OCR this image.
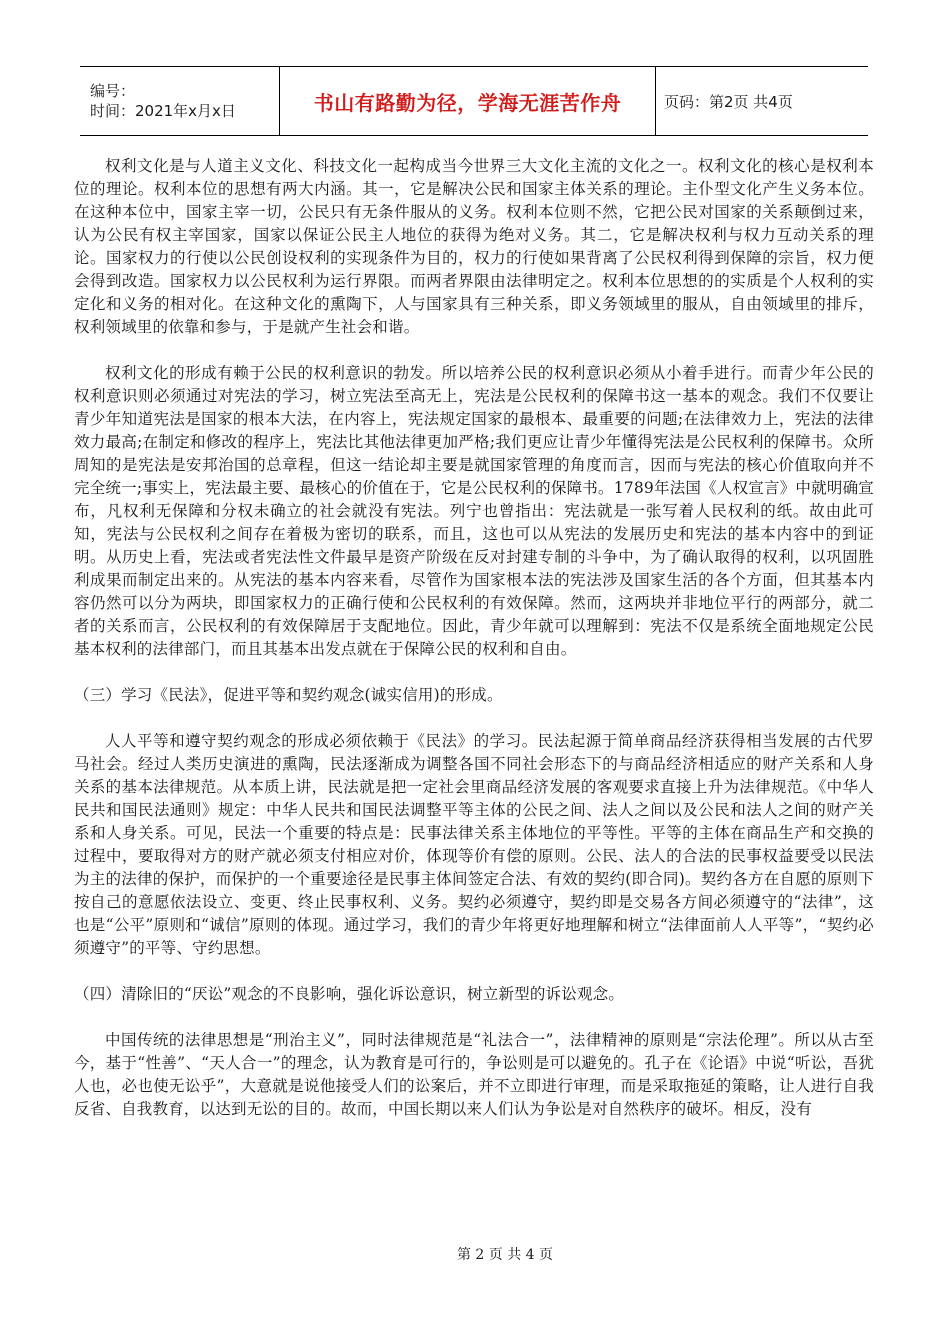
编号：
时间：2021年x月x日	书山有路勤为径，学海无涯苦作舟	页码：第2页 共4页

权利文化是与人道主义文化、科技文化一起构成当今世界三大文化主流的文化之一。权利文化的核心是权利本位的理论。权利本位的思想有两大内涵。其一，它是解决公民和国家主体关系的理论。主仆型文化产生义务本位。在这种本位中，国家主宰一切，公民只有无条件服从的义务。权利本位则不然，它把公民对国家的关系颠倒过来，认为公民有权主宰国家，国家以保证公民主人地位的获得为绝对义务。其二，它是解决权利与权力互动关系的理论。国家权力的行使以公民创设权利的实现条件为目的，权力的行使如果背离了公民权利得到保障的宗旨，权力便会得到改造。国家权力以公民权利为运行界限。而两者界限由法律明定之。权利本位思想的的实质是个人权利的实定化和义务的相对化。在这种文化的熏陶下，人与国家具有三种关系，即义务领域里的服从，自由领域里的排斥，权利领域里的依靠和参与，于是就产生社会和谐。

权利文化的形成有赖于公民的权利意识的勃发。所以培养公民的权利意识必须从小着手进行。而青少年公民的权利意识则必须通过对宪法的学习，树立宪法至高无上，宪法是公民权利的保障书这一基本的观念。我们不仅要让青少年知道宪法是国家的根本大法，在内容上，宪法规定国家的最根本、最重要的问题;在法律效力上，宪法的法律效力最高;在制定和修改的程序上，宪法比其他法律更加严格;我们更应让青少年懂得宪法是公民权利的保障书。众所周知的是宪法是安邦治国的总章程，但这一结论却主要是就国家管理的角度而言，因而与宪法的核心价值取向并不完全统一;事实上，宪法最主要、最核心的价值在于，它是公民权利的保障书。1789年法国《人权宣言》中就明确宣布，凡权利无保障和分权未确立的社会就没有宪法。列宁也曾指出：宪法就是一张写着人民权利的纸。故由此可知，宪法与公民权利之间存在着极为密切的联系，而且，这也可以从宪法的发展历史和宪法的基本内容中的到证明。从历史上看，宪法或者宪法性文件最早是资产阶级在反对封建专制的斗争中，为了确认取得的权利，以巩固胜利成果而制定出来的。从宪法的基本内容来看，尽管作为国家根本法的宪法涉及国家生活的各个方面，但其基本内容仍然可以分为两块，即国家权力的正确行使和公民权利的有效保障。然而，这两块并非地位平行的两部分，就二者的关系而言，公民权利的有效保障居于支配地位。因此，青少年就可以理解到：宪法不仅是系统全面地规定公民基本权利的法律部门，而且其基本出发点就在于保障公民的权利和自由。

（三）学习《民法》，促进平等和契约观念(诚实信用)的形成。

人人平等和遵守契约观念的形成必须依赖于《民法》的学习。民法起源于简单商品经济获得相当发展的古代罗马社会。经过人类历史演进的熏陶，民法逐渐成为调整各国不同社会形态下的与商品经济相适应的财产关系和人身关系的基本法律规范。从本质上讲，民法就是把一定社会里商品经济发展的客观要求直接上升为法律规范。《中华人民共和国民法通则》规定：中华人民共和国民法调整平等主体的公民之间、法人之间以及公民和法人之间的财产关系和人身关系。可见，民法一个重要的特点是：民事法律关系主体地位的平等性。平等的主体在商品生产和交换的过程中，要取得对方的财产就必须支付相应对价，体现等价有偿的原则。公民、法人的合法的民事权益要受以民法为主的法律的保护，而保护的一个重要途径是民事主体间签定合法、有效的契约(即合同)。契约各方在自愿的原则下按自己的意愿依法设立、变更、终止民事权利、义务。契约必须遵守，契约即是交易各方间必须遵守的“法律”，这也是“公平”原则和“诚信”原则的体现。通过学习，我们的青少年将更好地理解和树立“法律面前人人平等”，“契约必须遵守”的平等、守约思想。

（四）清除旧的“厌讼”观念的不良影响，强化诉讼意识，树立新型的诉讼观念。

中国传统的法律思想是“刑治主义”，同时法律规范是“礼法合一”，法律精神的原则是“宗法伦理”。所以从古至今，基于“性善”、“天人合一”的理念，认为教育是可行的，争讼则是可以避免的。孔子在《论语》中说“听讼，吾犹人也，必也使无讼乎”，大意就是说他接受人们的讼案后，并不立即进行审理，而是采取拖延的策略，让人进行自我反省、自我教育，以达到无讼的目的。故而，中国长期以来人们认为争讼是对自然秩序的破坏。相反，没有

第 2 页 共 4 页
